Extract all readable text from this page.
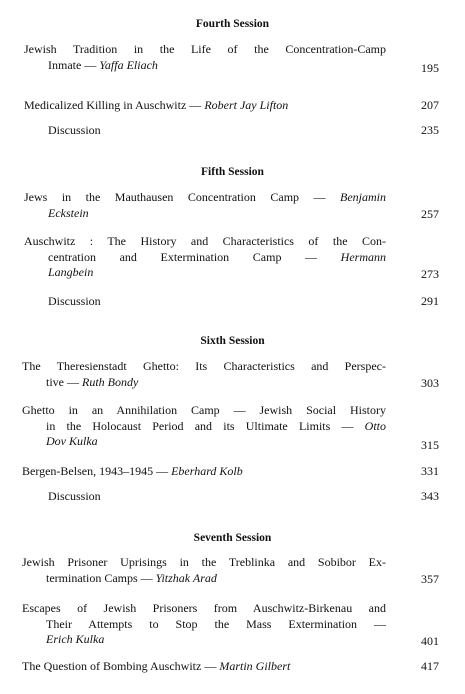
Fourth Session
Jewish Tradition in the Life of the Concentration-Camp
Inmate — Yaffa Eliach	195
Medicalized Killing in Auschwitz — Robert Jay Lifton	207
Discussion	235
Fifth Session
Jews in the Mauthausen Concentration Camp — Benjamin
Eckstein	257
Auschwitz : The History and Characteristics of the Con-
centration and Extermination Camp — Hermann
Langbein	273
Discussion	291
Sixth Session
The Theresienstadt Ghetto: Its Characteristics and Perspec-
tive — Ruth Bondy	303
Ghetto in an Annihilation Camp — Jewish Social History
in the Holocaust Period and its Ultimate Limits — Otto
Dov Kulka	315
Bergen-Belsen, 1943–1945 — Eberhard Kolb	331
Discussion	343
Seventh Session
Jewish Prisoner Uprisings in the Treblinka and Sobibor Ex-
termination Camps — Yitzhak Arad	357
Escapes of Jewish Prisoners from Auschwitz-Birkenau and
Their Attempts to Stop the Mass Extermination —
Erich Kulka	401
The Question of Bombing Auschwitz — Martin Gilbert	417
